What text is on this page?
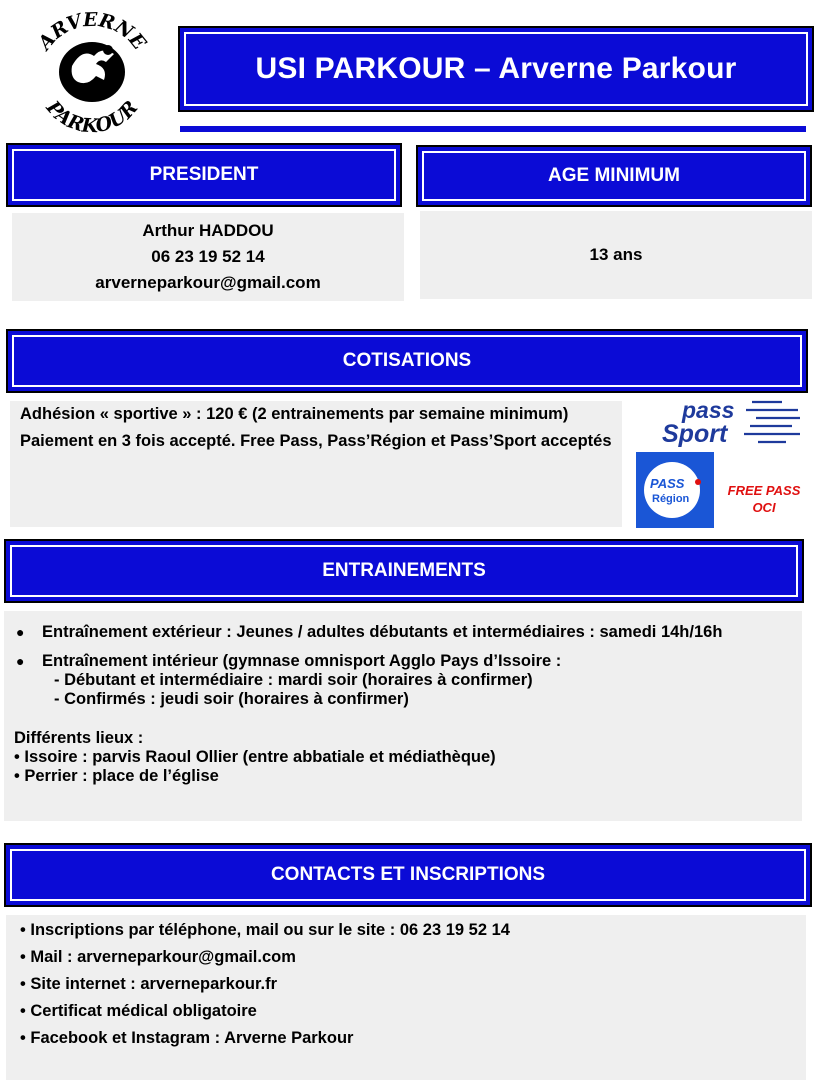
ARVERNE
PARKOUR
USI PARKOUR – Arverne Parkour
PRESIDENT
Arthur HADDOU
06 23 19 52 14
arverneparkour@gmail.com
AGE MINIMUM
13 ans
COTISATIONS

Adhésion « sportive » : 120 € (2 entrainements par semaine minimum)

Paiement en 3 fois accepté. Free Pass, Pass’Région et Pass’Sport acceptés

pass
Sport
PASS
Région
FREE PASS
OCI
ENTRAINEMENTS
● Entraînement extérieur : Jeunes / adultes débutants et intermédiaires : samedi 14h/16h
● Entraînement intérieur (gymnase omnisport Agglo Pays d’Issoire :
- Débutant et intermédiaire : mardi soir (horaires à confirmer)
- Confirmés : jeudi soir (horaires à confirmer)
Différents lieux :
• Issoire : parvis Raoul Ollier (entre abbatiale et médiathèque)
• Perrier : place de l’église
CONTACTS ET INSCRIPTIONS
• Inscriptions par téléphone, mail ou sur le site : 06 23 19 52 14
• Mail : arverneparkour@gmail.com
• Site internet : arverneparkour.fr
• Certificat médical obligatoire
• Facebook et Instagram : Arverne Parkour
